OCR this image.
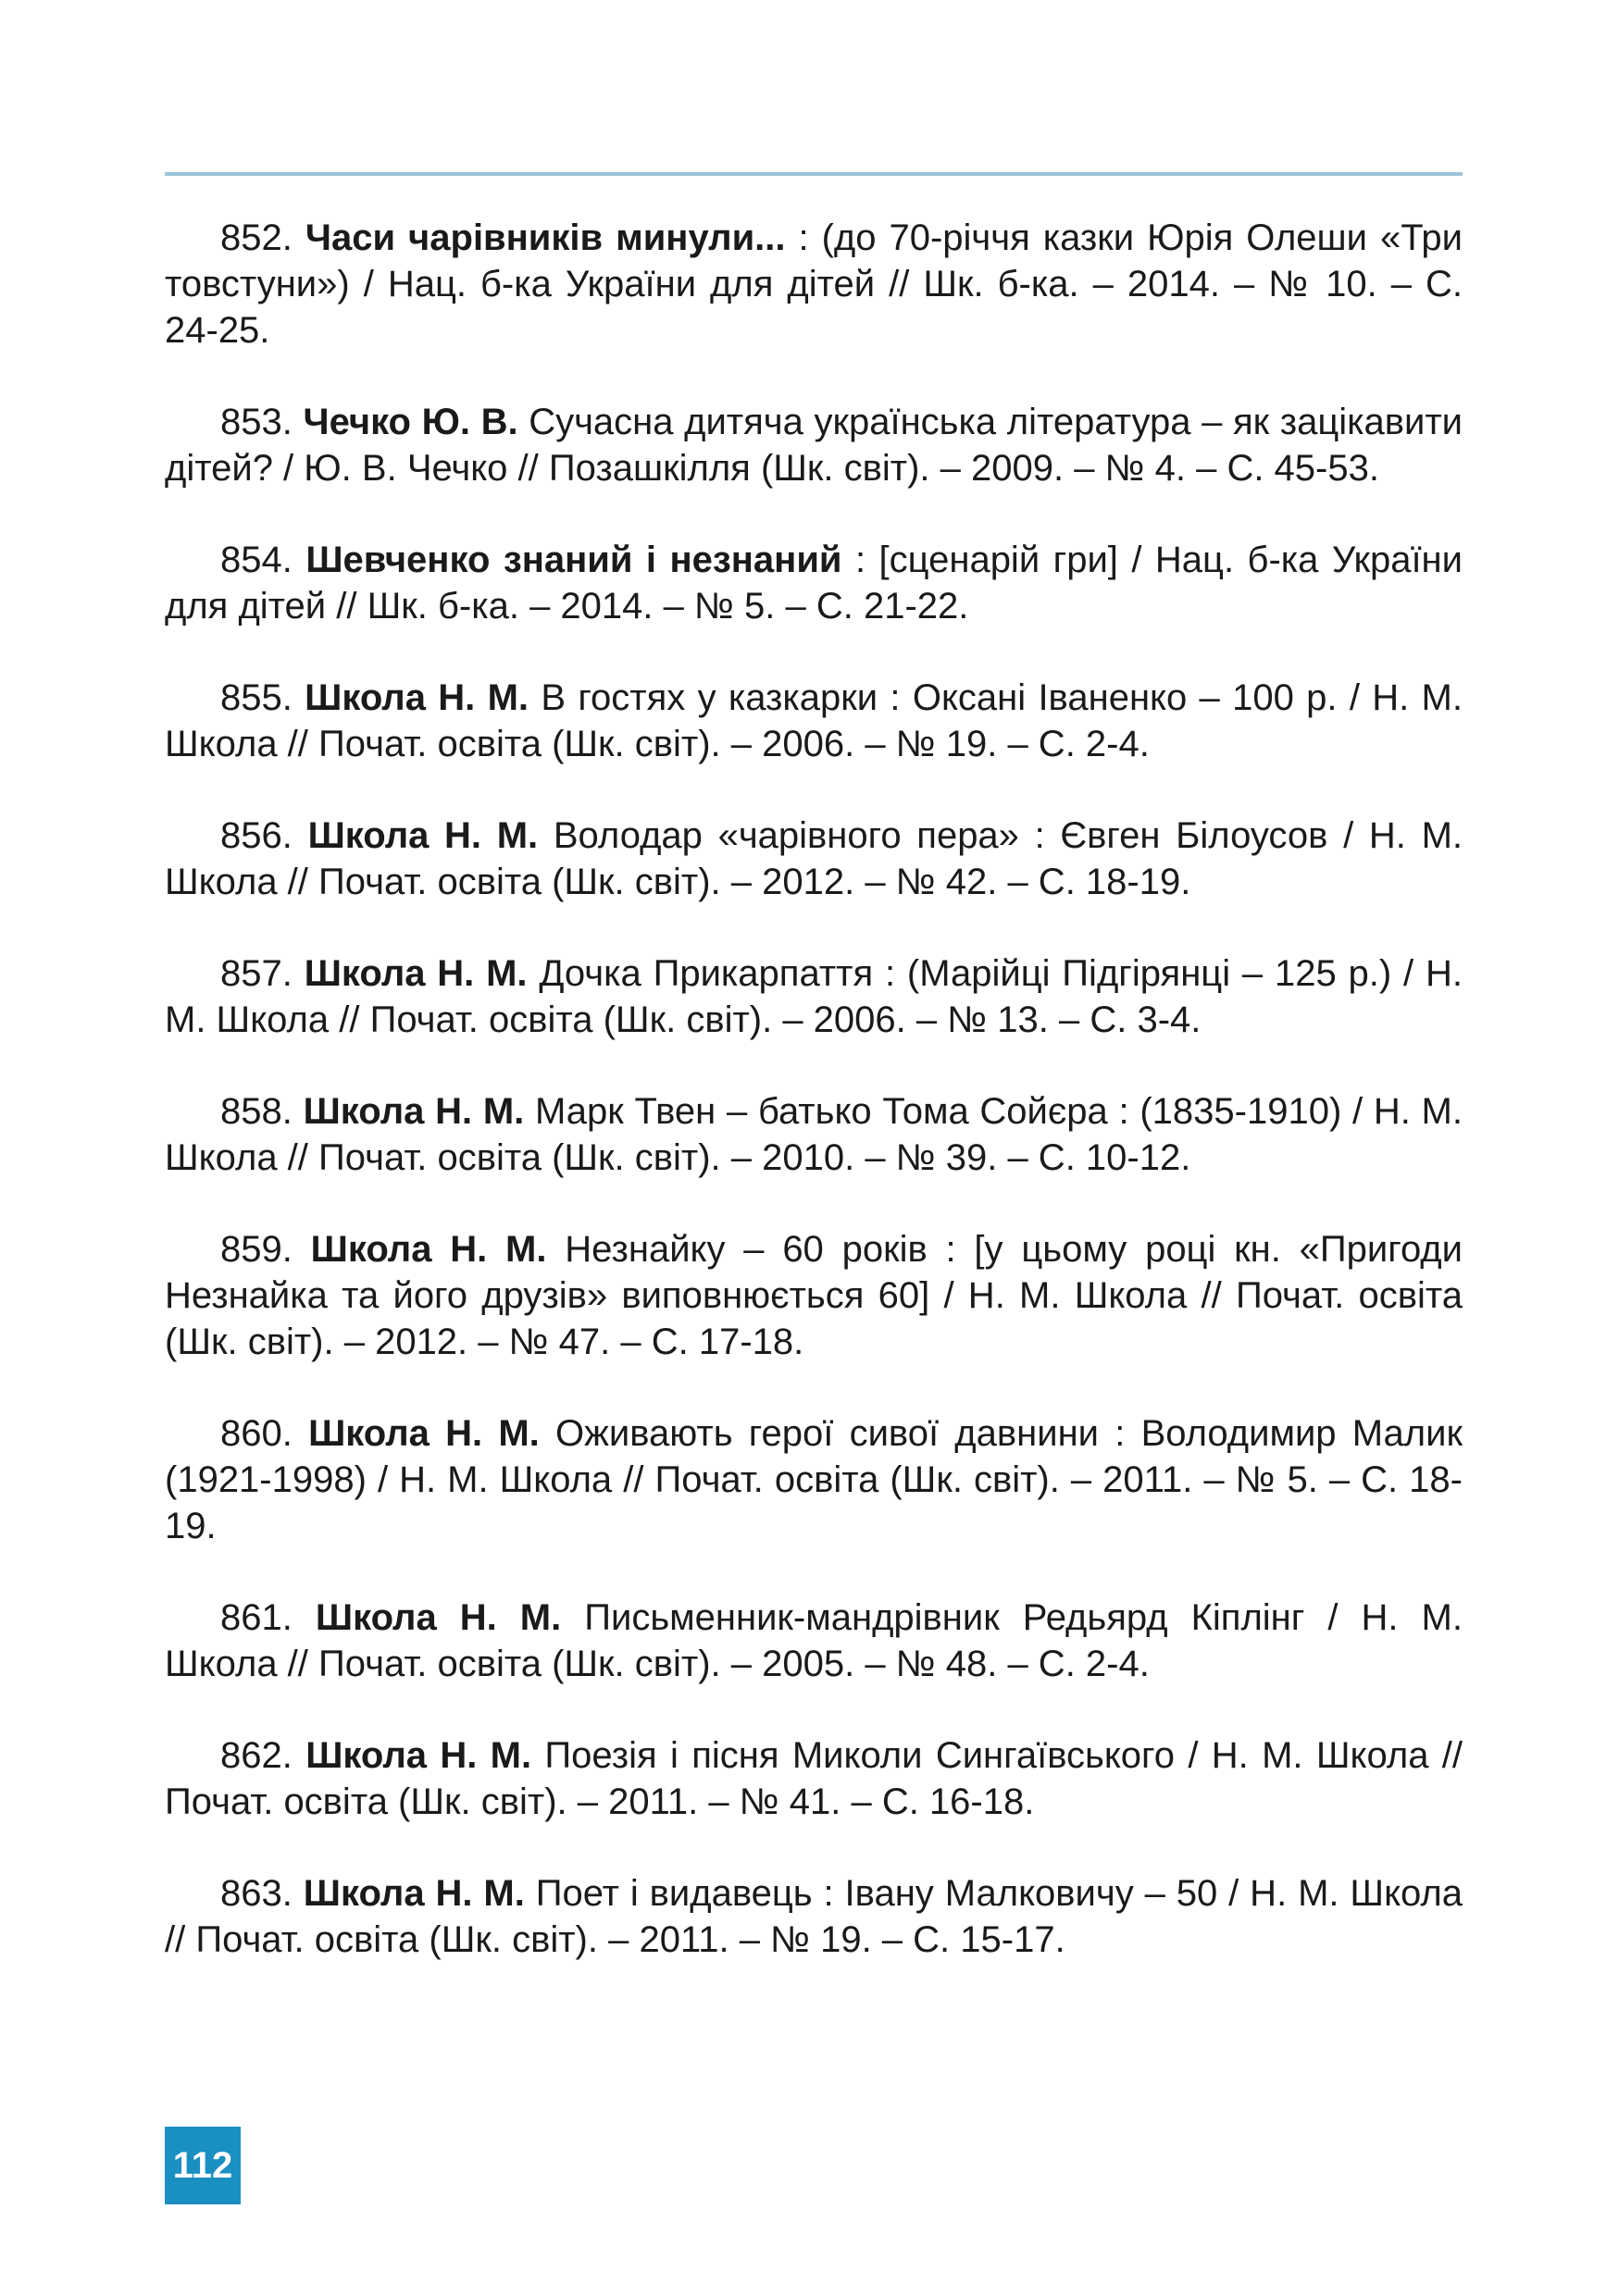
852. Часи чарівників минули... : (до 70-річчя казки Юрія Олеши «Три товстуни») / Нац. б-ка України для дітей // Шк. б-ка. – 2014. – № 10. – С. 24-25.

853. Чечко Ю. В. Сучасна дитяча українська література – як зацікавити дітей? / Ю. В. Чечко // Позашкілля (Шк. світ). – 2009. – № 4. – С. 45-53.

854. Шевченко знаний і незнаний : [сценарій гри] / Нац. б-ка України для дітей // Шк. б-ка. – 2014. – № 5. – С. 21-22.

855. Школа Н. М. В гостях у казкарки : Оксані Іваненко – 100 р. / Н. М. Школа // Почат. освіта (Шк. світ). – 2006. – № 19. – С. 2-4.

856. Школа Н. М. Володар «чарівного пера» : Євген Білоусов / Н. М. Школа // Почат. освіта (Шк. світ). – 2012. – № 42. – С. 18-19.

857. Школа Н. М. Дочка Прикарпаття : (Марійці Підгірянці – 125 р.) / Н. М. Школа // Почат. освіта (Шк. світ). – 2006. – № 13. – С. 3-4.

858. Школа Н. М. Марк Твен – батько Тома Сойєра : (1835-1910) / Н. М. Школа // Почат. освіта (Шк. світ). – 2010. – № 39. – С. 10-12.

859. Школа Н. М. Незнайку – 60 років : [у цьому році кн. «Пригоди Незнайка та його друзів» виповнюється 60] / Н. М. Школа // Почат. освіта (Шк. світ). – 2012. – № 47. – С. 17-18.

860. Школа Н. М. Оживають герої сивої давнини : Володимир Малик (1921-1998) / Н. М. Школа // Почат. освіта (Шк. світ). – 2011. – № 5. – С. 18-19.

861. Школа Н. М. Письменник-мандрівник Редьярд Кіплінг / Н. М. Школа // Почат. освіта (Шк. світ). – 2005. – № 48. – С. 2-4.

862. Школа Н. М. Поезія і пісня Миколи Сингаївського / Н. М. Школа // Почат. освіта (Шк. світ). – 2011. – № 41. – С. 16-18.

863. Школа Н. М. Поет і видавець : Івану Малковичу – 50 / Н. М. Школа // Почат. освіта (Шк. світ). – 2011. – № 19. – С. 15-17.

112
